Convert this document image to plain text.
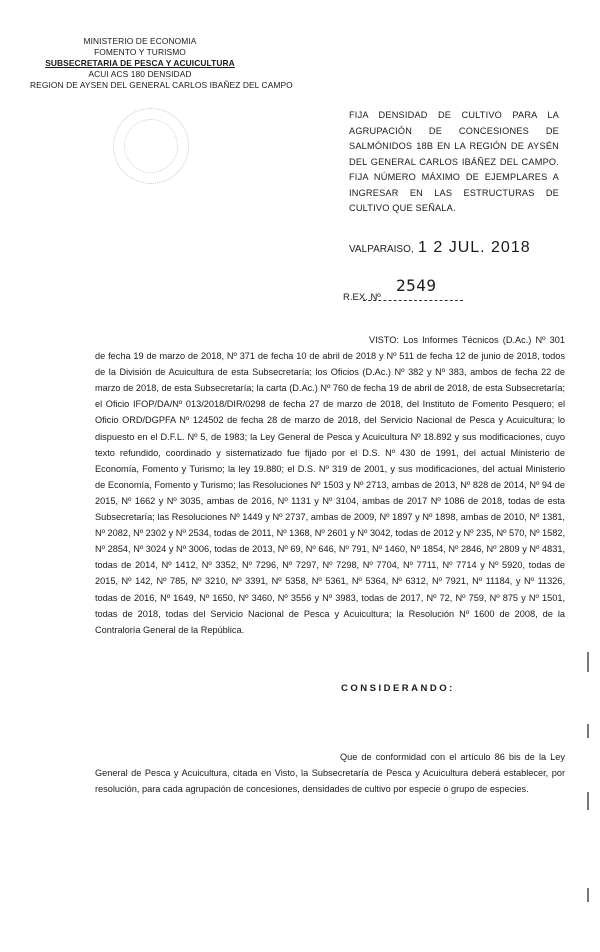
MINISTERIO DE ECONOMIA
FOMENTO Y TURISMO
SUBSECRETARIA DE PESCA Y ACUICULTURA
ACUI ACS 180 DENSIDAD
REGION DE AYSEN DEL GENERAL CARLOS IBAÑEZ DEL CAMPO
FIJA DENSIDAD DE CULTIVO PARA LA AGRUPACIÓN DE CONCESIONES DE SALMÓNIDOS 18B EN LA REGIÓN DE AYSÉN DEL GENERAL CARLOS IBÁÑEZ DEL CAMPO. FIJA NÚMERO MÁXIMO DE EJEMPLARES A INGRESAR EN LAS ESTRUCTURAS DE CULTIVO QUE SEÑALA.
VALPARAISO, 1 2 JUL. 2018
2549
R.EX. Nº
VISTO: Los Informes Técnicos (D.Ac.) Nº 301 de fecha 19 de marzo de 2018, Nº 371 de fecha 10 de abril de 2018 y Nº 511 de fecha 12 de junio de 2018, todos de la División de Acuicultura de esta Subsecretaría; los Oficios (D.Ac.) Nº 382 y Nº 383, ambos de fecha 22 de marzo de 2018, de esta Subsecretaría; la carta (D.Ac.) Nº 760 de fecha 19 de abril de 2018, de esta Subsecretaría; el Oficio IFOP/DA/Nº 013/2018/DIR/0298 de fecha 27 de marzo de 2018, del Instituto de Fomento Pesquero; el Oficio ORD/DGPFA Nº 124502 de fecha 28 de marzo de 2018, del Servicio Nacional de Pesca y Acuicultura; lo dispuesto en el D.F.L. Nº 5, de 1983; la Ley General de Pesca y Acuicultura Nº 18.892 y sus modificaciones, cuyo texto refundido, coordinado y sistematizado fue fijado por el D.S. Nº 430 de 1991, del actual Ministerio de Economía, Fomento y Turismo; la ley 19.880; el D.S. Nº 319 de 2001, y sus modificaciones, del actual Ministerio de Economía, Fomento y Turismo; las Resoluciones Nº 1503 y Nº 2713, ambas de 2013, Nº 828 de 2014, Nº 94 de 2015, Nº 1662 y Nº 3035, ambas de 2016, Nº 1131 y Nº 3104, ambas de 2017 Nº 1086 de 2018, todas de esta Subsecretaría; las Resoluciones Nº 1449 y Nº 2737, ambas de 2009, Nº 1897 y Nº 1898, ambas de 2010, Nº 1381, Nº 2082, Nº 2302 y Nº 2534, todas de 2011, Nº 1368, Nº 2601 y Nº 3042, todas de 2012 y Nº 235, Nº 570, Nº 1582, Nº 2854, Nº 3024 y Nº 3006, todas de 2013, Nº 69, Nº 646, Nº 791, Nº 1460, Nº 1854, Nº 2846, Nº 2809 y Nº 4831, todas de 2014, Nº 1412, Nº 3352, Nº 7296, Nº 7297, Nº 7298, Nº 7704, Nº 7711, Nº 7714 y Nº 5920, todas de 2015, Nº 142, Nº 785, Nº 3210, Nº 3391, Nº 5358, Nº 5361, Nº 5364, Nº 6312, Nº 7921, Nº 11184, y Nº 11326, todas de 2016, Nº 1649, Nº 1650, Nº 3460, Nº 3556 y Nº 3983, todas de 2017, Nº 72, Nº 759, Nº 875 y Nº 1501, todas de 2018, todas del Servicio Nacional de Pesca y Acuicultura; la Resolución Nº 1600 de 2008, de la Contraloría General de la República.
CONSIDERANDO:
Que de conformidad con el artículo 86 bis de la Ley General de Pesca y Acuicultura, citada en Visto, la Subsecretaría de Pesca y Acuicultura deberá establecer, por resolución, para cada agrupación de concesiones, densidades de cultivo por especie o grupo de especies.
